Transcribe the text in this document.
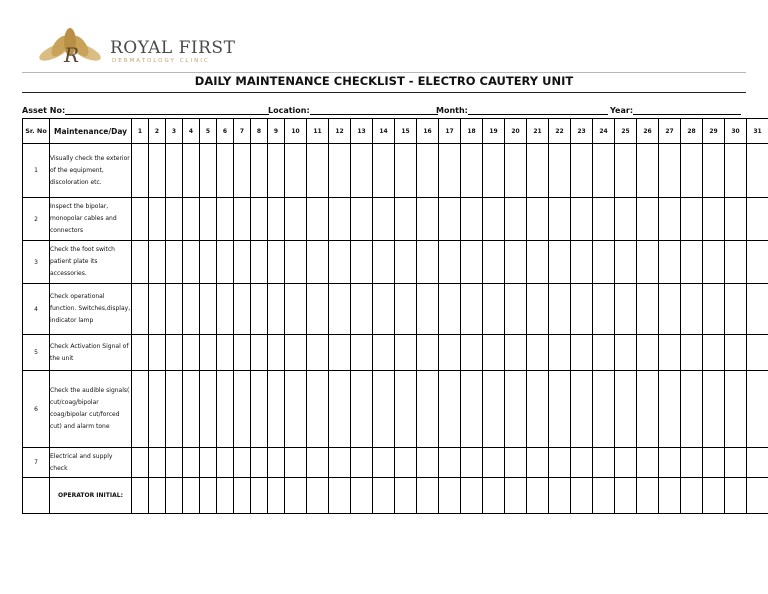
R ROYAL FIRST
DERMATOLOGY CLINIC
DAILY MAINTENANCE CHECKLIST - ELECTRO CAUTERY UNIT
Asset No:	Location:	Month:	Year:
Sr. No	Maintenance/Day	1	2	3	4	5	6	7	8	9	10	11	12	13	14	15	16	17	18	19	20	21	22	23	24	25	26	27	28	29	30	31
1	Visually check the exterior of the equipment, discoloration etc.																															
2	Inspect the bipolar, monopolar cables and connectors																															
3	Check the foot switch patient plate its accessories.																															
4	Check operational function. Switches,display, indicator lamp																															
5	Check Activation Signal of the unit																															
6	Check the audible signals( cut/coag/bipolar coag/bipolar cut/forced cut) and alarm tone																															
7	Electrical and supply check																															
	OPERATOR INITIAL:																															
